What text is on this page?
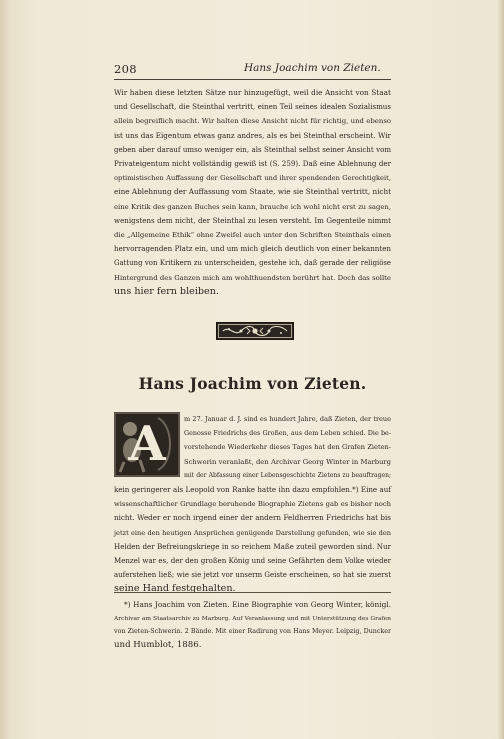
208	Hans Joachim von Zieten.
Wir haben diese letzten Sätze nur hinzugefügt, weil die Ansicht von Staat
und Gesellschaft, die Steinthal vertritt, einen Teil seines idealen Sozialismus
allein begreiflich macht. Wir halten diese Ansicht nicht für richtig, und ebenso
ist uns das Eigentum etwas ganz andres, als es bei Steinthal erscheint. Wir
geben aber darauf umso weniger ein, als Steinthal selbst seiner Ansicht vom
Privateigentum nicht vollständig gewiß ist (S. 259). Daß eine Ablehnung der
optimistischen Auffassung der Gesellschaft und ihrer spendenden Gerechtigkeit,
eine Ablehnung der Auffassung vom Staate, wie sie Steinthal vertritt, nicht
eine Kritik des ganzen Buches sein kann, brauche ich wohl nicht erst zu sagen,
wenigstens dem nicht, der Steinthal zu lesen versteht. Im Gegenteile nimmt
die „Allgemeine Ethik“ ohne Zweifel auch unter den Schriften Steinthals einen
hervorragenden Platz ein, und um mich gleich deutlich von einer bekannten
Gattung von Kritikern zu unterscheiden, gestehe ich, daß gerade der religiöse
Hintergrund des Ganzen mich am wohlthuendsten berührt hat. Doch das sollte
uns hier fern bleiben.
Hans Joachim von Zieten.
A	m 27. Januar d. J. sind es hundert Jahre, daß Zieten, der treue
Genosse Friedrichs des Großen, aus dem Leben schied. Die be-
vorstehende Wiederkehr dieses Tages hat den Grafen Zieten-
Schwerin veranlaßt, den Archivar Georg Winter in Marburg
mit der Abfassung einer Lebensgeschichte Zietens zu beauftragen;
kein geringerer als Leopold von Ranke hatte ihn dazu empfohlen.*) Eine auf
wissenschaftlicher Grundlage beruhende Biographie Zietens gab es bisher noch
nicht. Weder er noch irgend einer der andern Feldherren Friedrichs hat bis
jetzt eine den heutigen Ansprüchen genügende Darstellung gefunden, wie sie den
Helden der Befreiungskriege in so reichem Maße zuteil geworden sind. Nur
Menzel war es, der den großen König und seine Gefährten dem Volke wieder
auferstehen ließ; wie sie jetzt vor unserm Geiste erscheinen, so hat sie zuerst
seine Hand festgehalten.
*) Hans Joachim von Zieten. Eine Biographie von Georg Winter, königl.
Archivar am Staatsarchiv zu Marburg. Auf Veranlassung und mit Unterstützung des Grafen
von Zieten-Schwerin. 2 Bände. Mit einer Radirung von Hans Meyer. Leipzig, Duncker
und Humblot, 1886.
